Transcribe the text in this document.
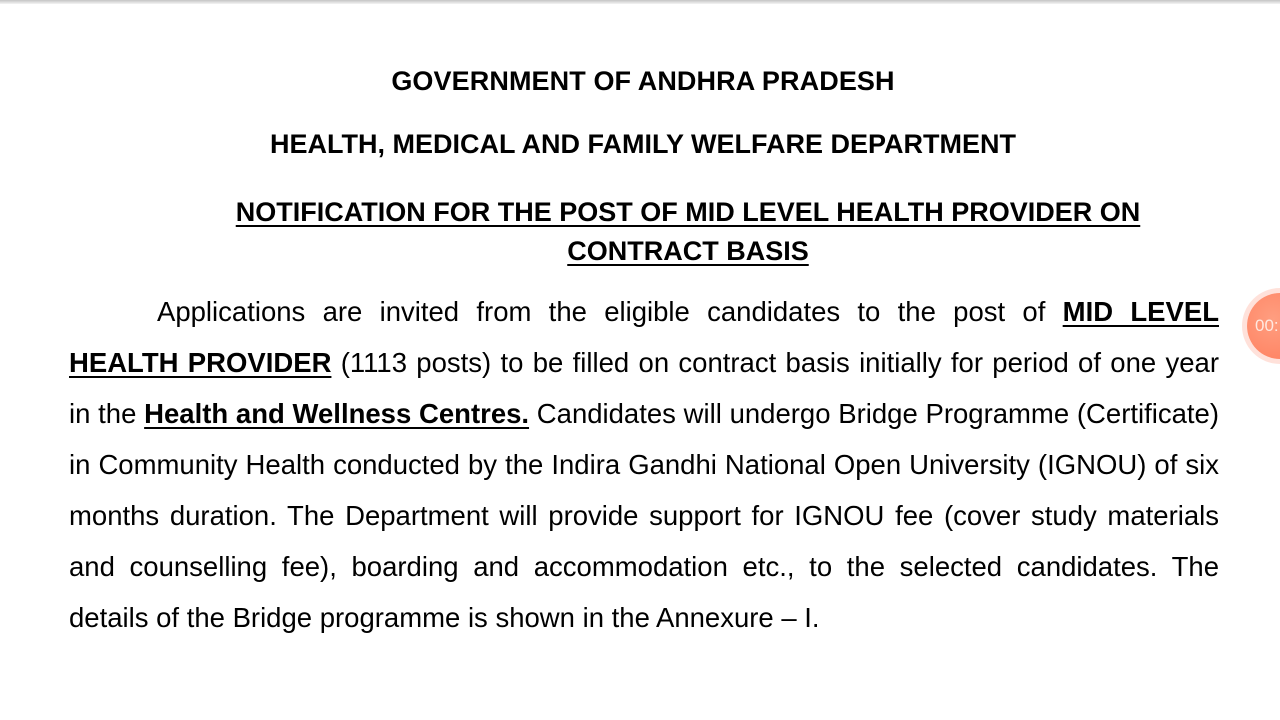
GOVERNMENT OF ANDHRA PRADESH
HEALTH, MEDICAL AND FAMILY WELFARE DEPARTMENT
NOTIFICATION FOR THE POST OF MID LEVEL HEALTH PROVIDER ON CONTRACT BASIS
Applications are invited from the eligible candidates to the post of MID LEVEL HEALTH PROVIDER (1113 posts) to be filled on contract basis initially for period of one year in the Health and Wellness Centres. Candidates will undergo Bridge Programme (Certificate) in Community Health conducted by the Indira Gandhi National Open University (IGNOU) of six months duration. The Department will provide support for IGNOU fee (cover study materials and counselling fee), boarding and accommodation etc., to the selected candidates. The details of the Bridge programme is shown in the Annexure – I.
00:
